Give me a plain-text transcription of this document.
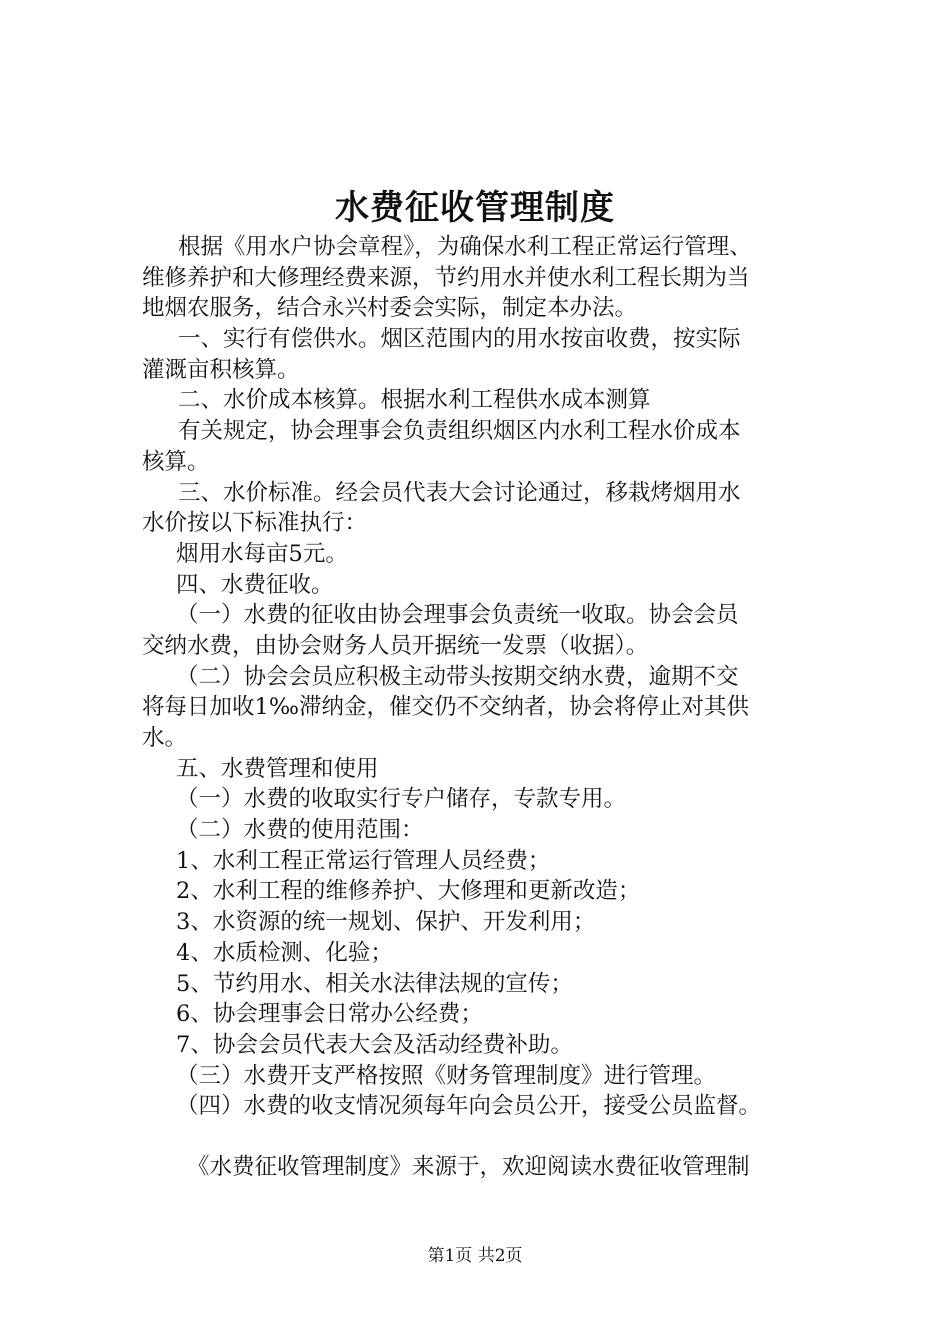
水费征收管理制度
根据《用水户协会章程》，为确保水利工程正常运行管理、
维修养护和大修理经费来源，节约用水并使水利工程长期为当
地烟农服务，结合永兴村委会实际，制定本办法。
一、实行有偿供水。烟区范围内的用水按亩收费，按实际
灌溉亩积核算。
二、水价成本核算。根据水利工程供水成本测算
有关规定，协会理事会负责组织烟区内水利工程水价成本
核算。
三、水价标准。经会员代表大会讨论通过，移栽烤烟用水
水价按以下标准执行：
烟用水每亩5元。
四、水费征收。
（一）水费的征收由协会理事会负责统一收取。协会会员
交纳水费，由协会财务人员开据统一发票（收据）。
（二）协会会员应积极主动带头按期交纳水费，逾期不交
将每日加收1‰滞纳金，催交仍不交纳者，协会将停止对其供
水。
五、水费管理和使用
（一）水费的收取实行专户储存，专款专用。
（二）水费的使用范围：
1、水利工程正常运行管理人员经费；
2、水利工程的维修养护、大修理和更新改造；
3、水资源的统一规划、保护、开发利用；
4、水质检测、化验；
5、节约用水、相关水法律法规的宣传；
6、协会理事会日常办公经费；
7、协会会员代表大会及活动经费补助。
（三）水费开支严格按照《财务管理制度》进行管理。
（四）水费的收支情况须每年向会员公开，接受公员监督。
《水费征收管理制度》来源于，欢迎阅读水费征收管理制
第1页 共2页
